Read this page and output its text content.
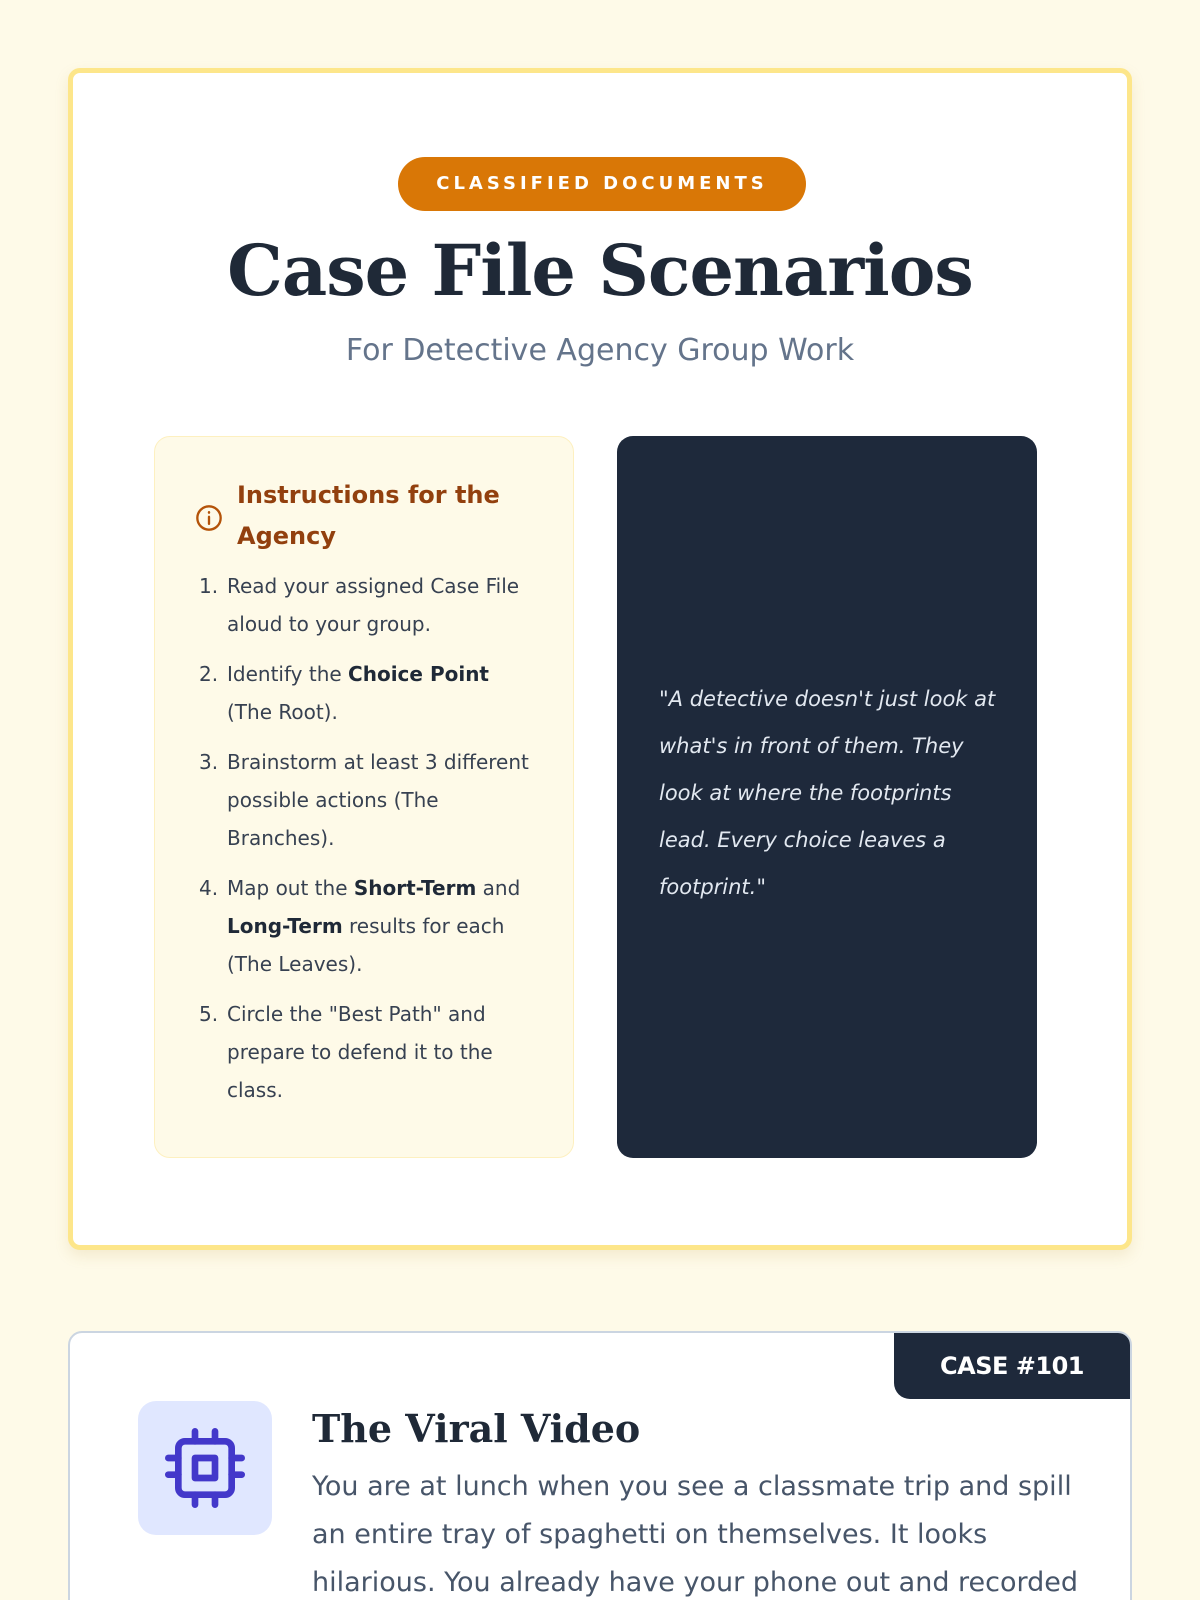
CLASSIFIED DOCUMENTS
Case File Scenarios
For Detective Agency Group Work
Instructions for the Agency
1. Read your assigned Case File aloud to your group.
2. Identify the Choice Point (The Root).
3. Brainstorm at least 3 different possible actions (The Branches).
4. Map out the Short-Term and Long-Term results for each (The Leaves).
5. Circle the "Best Path" and prepare to defend it to the class.

"A detective doesn't just look at what's in front of them. They look at where the footprints lead. Every choice leaves a footprint."

CASE #101
The Viral Video

You are at lunch when you see a classmate trip and spill an entire tray of spaghetti on themselves. It looks hilarious. You already have your phone out and recorded
